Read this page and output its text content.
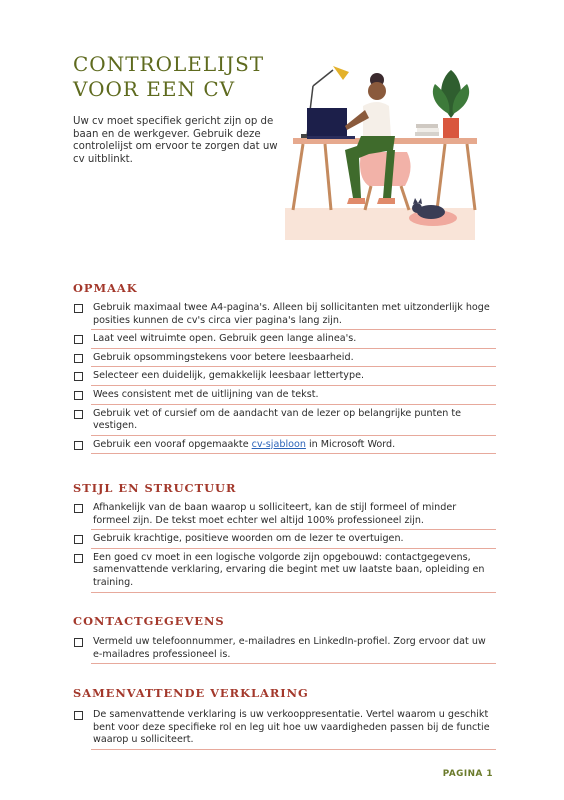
CONTROLELIJST
VOOR EEN CV

Uw cv moet specifiek gericht zijn op de baan en de werkgever. Gebruik deze controlelijst om ervoor te zorgen dat uw cv uitblinkt.

OPMAAK
Gebruik maximaal twee A4-pagina's. Alleen bij sollicitanten met uitzonderlijk hoge posities kunnen de cv's circa vier pagina's lang zijn.
Laat veel witruimte open. Gebruik geen lange alinea's.
Gebruik opsommingstekens voor betere leesbaarheid.
Selecteer een duidelijk, gemakkelijk leesbaar lettertype.
Wees consistent met de uitlijning van de tekst.
Gebruik vet of cursief om de aandacht van de lezer op belangrijke punten te vestigen.
Gebruik een vooraf opgemaakte cv-sjabloon in Microsoft Word.
STIJL EN STRUCTUUR
Afhankelijk van de baan waarop u solliciteert, kan de stijl formeel of minder formeel zijn. De tekst moet echter wel altijd 100% professioneel zijn.
Gebruik krachtige, positieve woorden om de lezer te overtuigen.
Een goed cv moet in een logische volgorde zijn opgebouwd: contactgegevens, samenvattende verklaring, ervaring die begint met uw laatste baan, opleiding en training.
CONTACTGEGEVENS
Vermeld uw telefoonnummer, e-mailadres en LinkedIn-profiel. Zorg ervoor dat uw e-mailadres professioneel is.
SAMENVATTENDE VERKLARING
De samenvattende verklaring is uw verkooppresentatie. Vertel waarom u geschikt bent voor deze specifieke rol en leg uit hoe uw vaardigheden passen bij de functie waarop u solliciteert.
PAGINA 1
